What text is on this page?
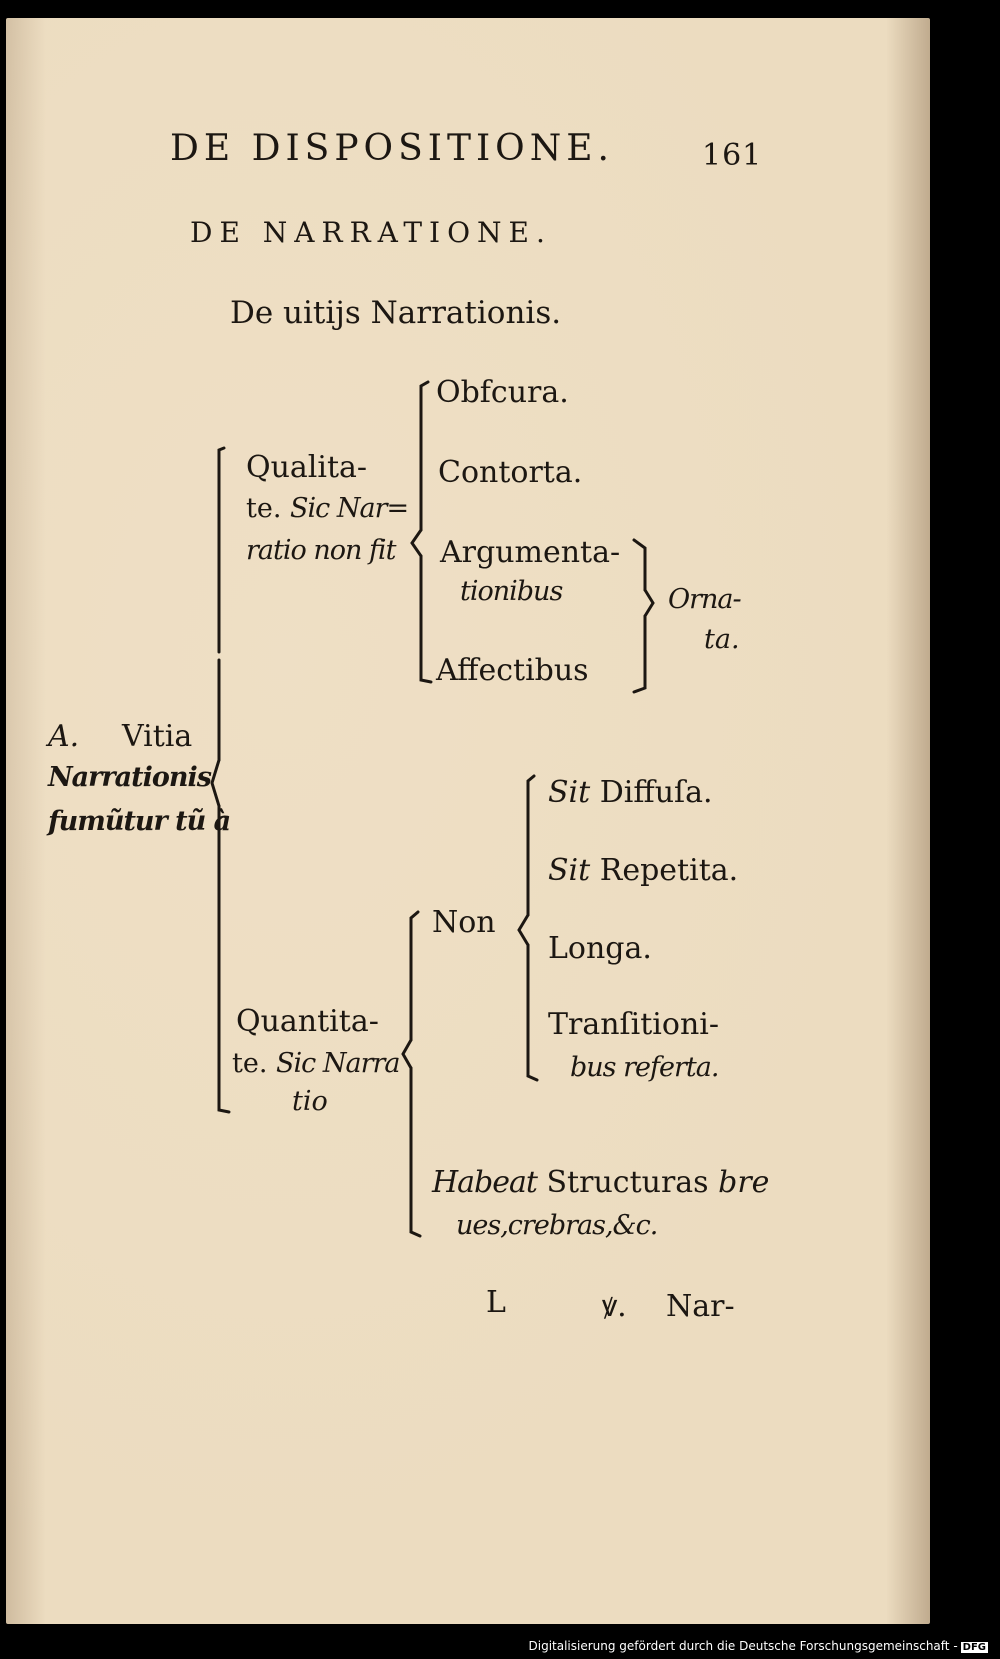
DE DISPOSITIONE.	161
DE NARRATIONE.
De uitijs Narrationis.
A. Vitia
Narrationis
fumũtur tũ à
Qualita-
te. Sic Nar=
ratio non fit
Obfcura.
Contorta.
Argumenta-
tionibus
Affectibus
Orna-
ta.
Quantita-
te. Sic Narra
tio
Non
Sit Diffuſa.
Sit Repetita.
Longa.
Tranſitioni-
bus referta.
Habeat Structuras bre
ues,crebras,&c.
L	ꝟ. Nar-
Digitalisierung gefördert durch die Deutsche Forschungsgemeinschaft - DFG
